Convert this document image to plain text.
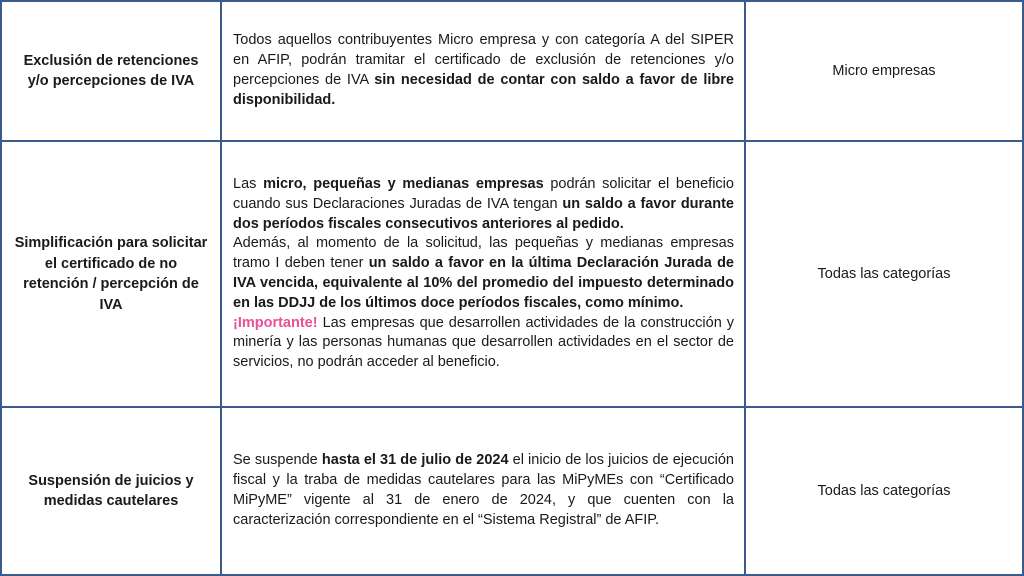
Exclusión de retenciones y/o percepciones de IVA
Todos aquellos contribuyentes Micro empresa y con categoría A del SIPER en AFIP, podrán tramitar el certificado de exclusión de retenciones y/o percepciones de IVA sin necesidad de contar con saldo a favor de libre disponibilidad.
Micro empresas
Simplificación para solicitar el certificado de no retención / percepción de IVA
Las micro, pequeñas y medianas empresas podrán solicitar el beneficio cuando sus Declaraciones Juradas de IVA tengan un saldo a favor durante dos períodos fiscales consecutivos anteriores al pedido.
Además, al momento de la solicitud, las pequeñas y medianas empresas tramo I deben tener un saldo a favor en la última Declaración Jurada de IVA vencida, equivalente al 10% del promedio del impuesto determinado en las DDJJ de los últimos doce períodos fiscales, como mínimo.
¡Importante! Las empresas que desarrollen actividades de la construcción y minería y las personas humanas que desarrollen actividades en el sector de servicios, no podrán acceder al beneficio.
Todas las categorías
Suspensión de juicios y medidas cautelares
Se suspende hasta el 31 de julio de 2024 el inicio de los juicios de ejecución fiscal y la traba de medidas cautelares para las MiPyMEs con “Certificado MiPyME” vigente al 31 de enero de 2024, y que cuenten con la caracterización correspondiente en el “Sistema Registral” de AFIP.
Todas las categorías
